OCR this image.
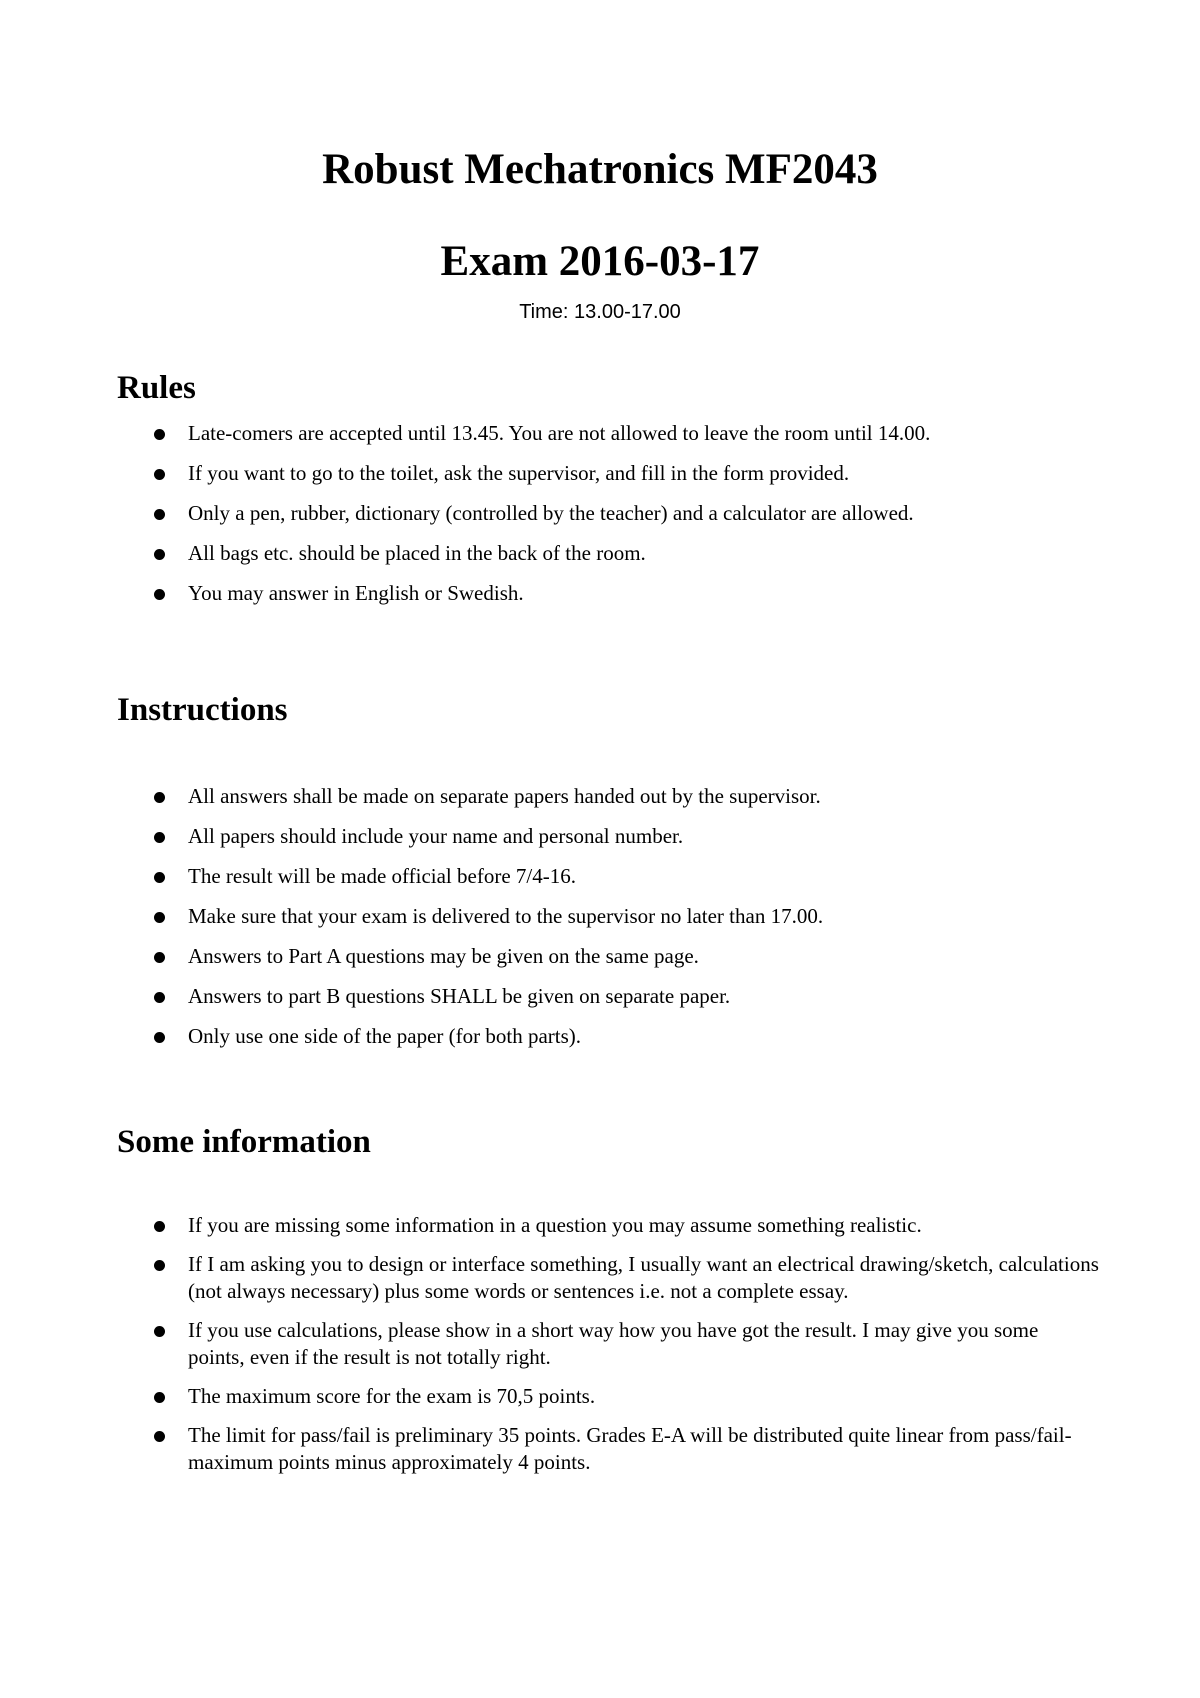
Robust Mechatronics MF2043
Exam 2016-03-17
Time: 13.00-17.00
Rules
Late-comers are accepted until 13.45. You are not allowed to leave the room until 14.00.
If you want to go to the toilet, ask the supervisor, and fill in the form provided.
Only a pen, rubber, dictionary (controlled by the teacher) and a calculator are allowed.
All bags etc. should be placed in the back of the room.
You may answer in English or Swedish.
Instructions
All answers shall be made on separate papers handed out by the supervisor.
All papers should include your name and personal number.
The result will be made official before 7/4-16.
Make sure that your exam is delivered to the supervisor no later than 17.00.
Answers to Part A questions may be given on the same page.
Answers to part B questions SHALL be given on separate paper.
Only use one side of the paper (for both parts).
Some information
If you are missing some information in a question you may assume something realistic.
If I am asking you to design or interface something, I usually want an electrical drawing/sketch, calculations (not always necessary) plus some words or sentences i.e. not a complete essay.
If you use calculations, please show in a short way how you have got the result. I may give you some points, even if the result is not totally right.
The maximum score for the exam is 70,5 points.
The limit for pass/fail is preliminary 35 points. Grades E-A will be distributed quite linear from pass/fail-maximum points minus approximately 4 points.
